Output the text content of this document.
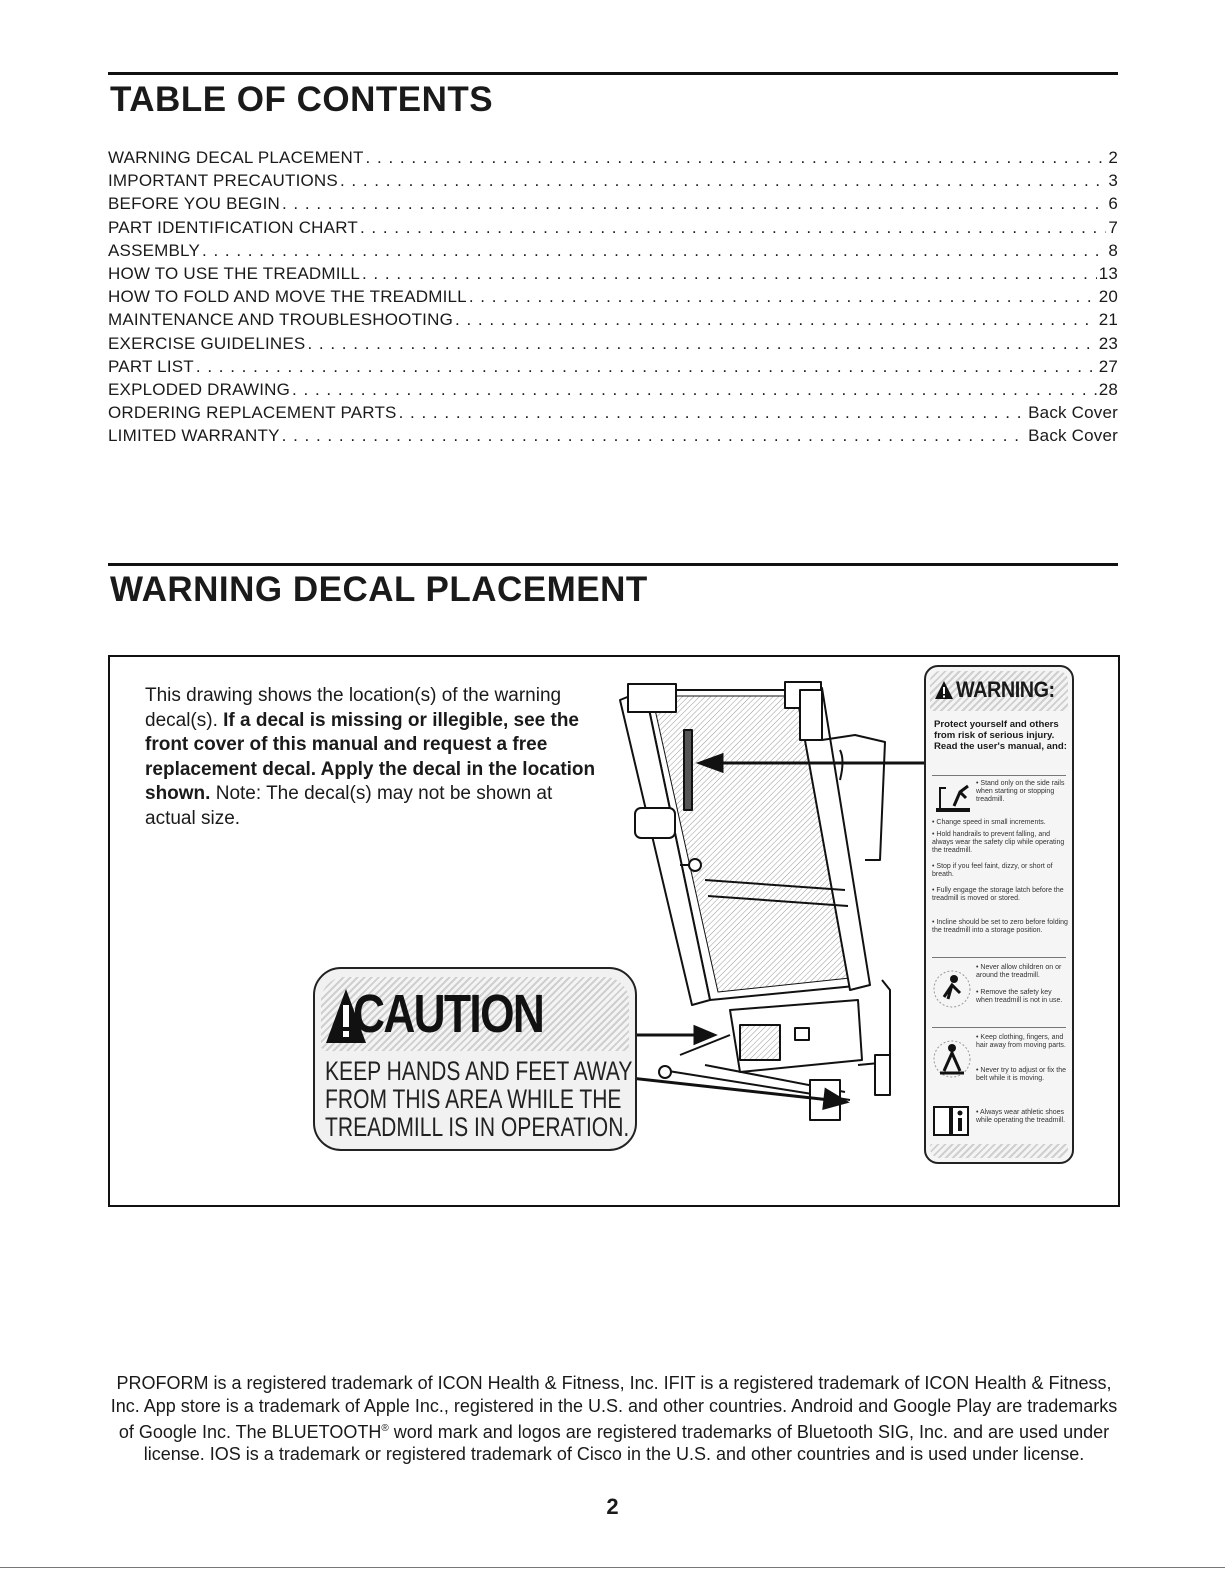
TABLE OF CONTENTS
WARNING DECAL PLACEMENT . . .	2
IMPORTANT PRECAUTIONS . . .	3
BEFORE YOU BEGIN . . .	6
PART IDENTIFICATION CHART . . .	7
ASSEMBLY . . .	8
HOW TO USE THE TREADMILL . . .	13
HOW TO FOLD AND MOVE THE TREADMILL . . .	20
MAINTENANCE AND TROUBLESHOOTING . . .	21
EXERCISE GUIDELINES . . .	23
PART LIST . . .	27
EXPLODED DRAWING . . .	28
ORDERING REPLACEMENT PARTS . . .	Back Cover
LIMITED WARRANTY . . .	Back Cover
WARNING DECAL PLACEMENT

This drawing shows the location(s) of the warning decal(s). If a decal is missing or illegible, see the front cover of this manual and request a free replacement decal. Apply the decal in the location shown. Note: The decal(s) may not be shown at actual size.

CAUTION
KEEP HANDS AND FEET AWAY
FROM THIS AREA WHILE THE
TREADMILL IS IN OPERATION.
WARNING:
Protect yourself and others from risk of serious injury. Read the user's manual, and:
• Stand only on the side rails when starting or stopping treadmill.
• Change speed in small increments.
• Hold handrails to prevent falling, and always wear the safety clip while operating the treadmill.
• Stop if you feel faint, dizzy, or short of breath.
• Fully engage the storage latch before the treadmill is moved or stored.
• Incline should be set to zero before folding the treadmill into a storage position.
• Never allow children on or around the treadmill.
• Remove the safety key when treadmill is not in use.
• Keep clothing, fingers, and hair away from moving parts.
• Never try to adjust or fix the belt while it is moving.
• Always wear athletic shoes while operating the treadmill.

PROFORM is a registered trademark of ICON Health & Fitness, Inc. IFIT is a registered trademark of ICON Health & Fitness, Inc. App store is a trademark of Apple Inc., registered in the U.S. and other countries. Android and Google Play are trademarks of Google Inc. The BLUETOOTH® word mark and logos are registered trademarks of Bluetooth SIG, Inc. and are used under license. IOS is a trademark or registered trademark of Cisco in the U.S. and other countries and is used under license.

2
